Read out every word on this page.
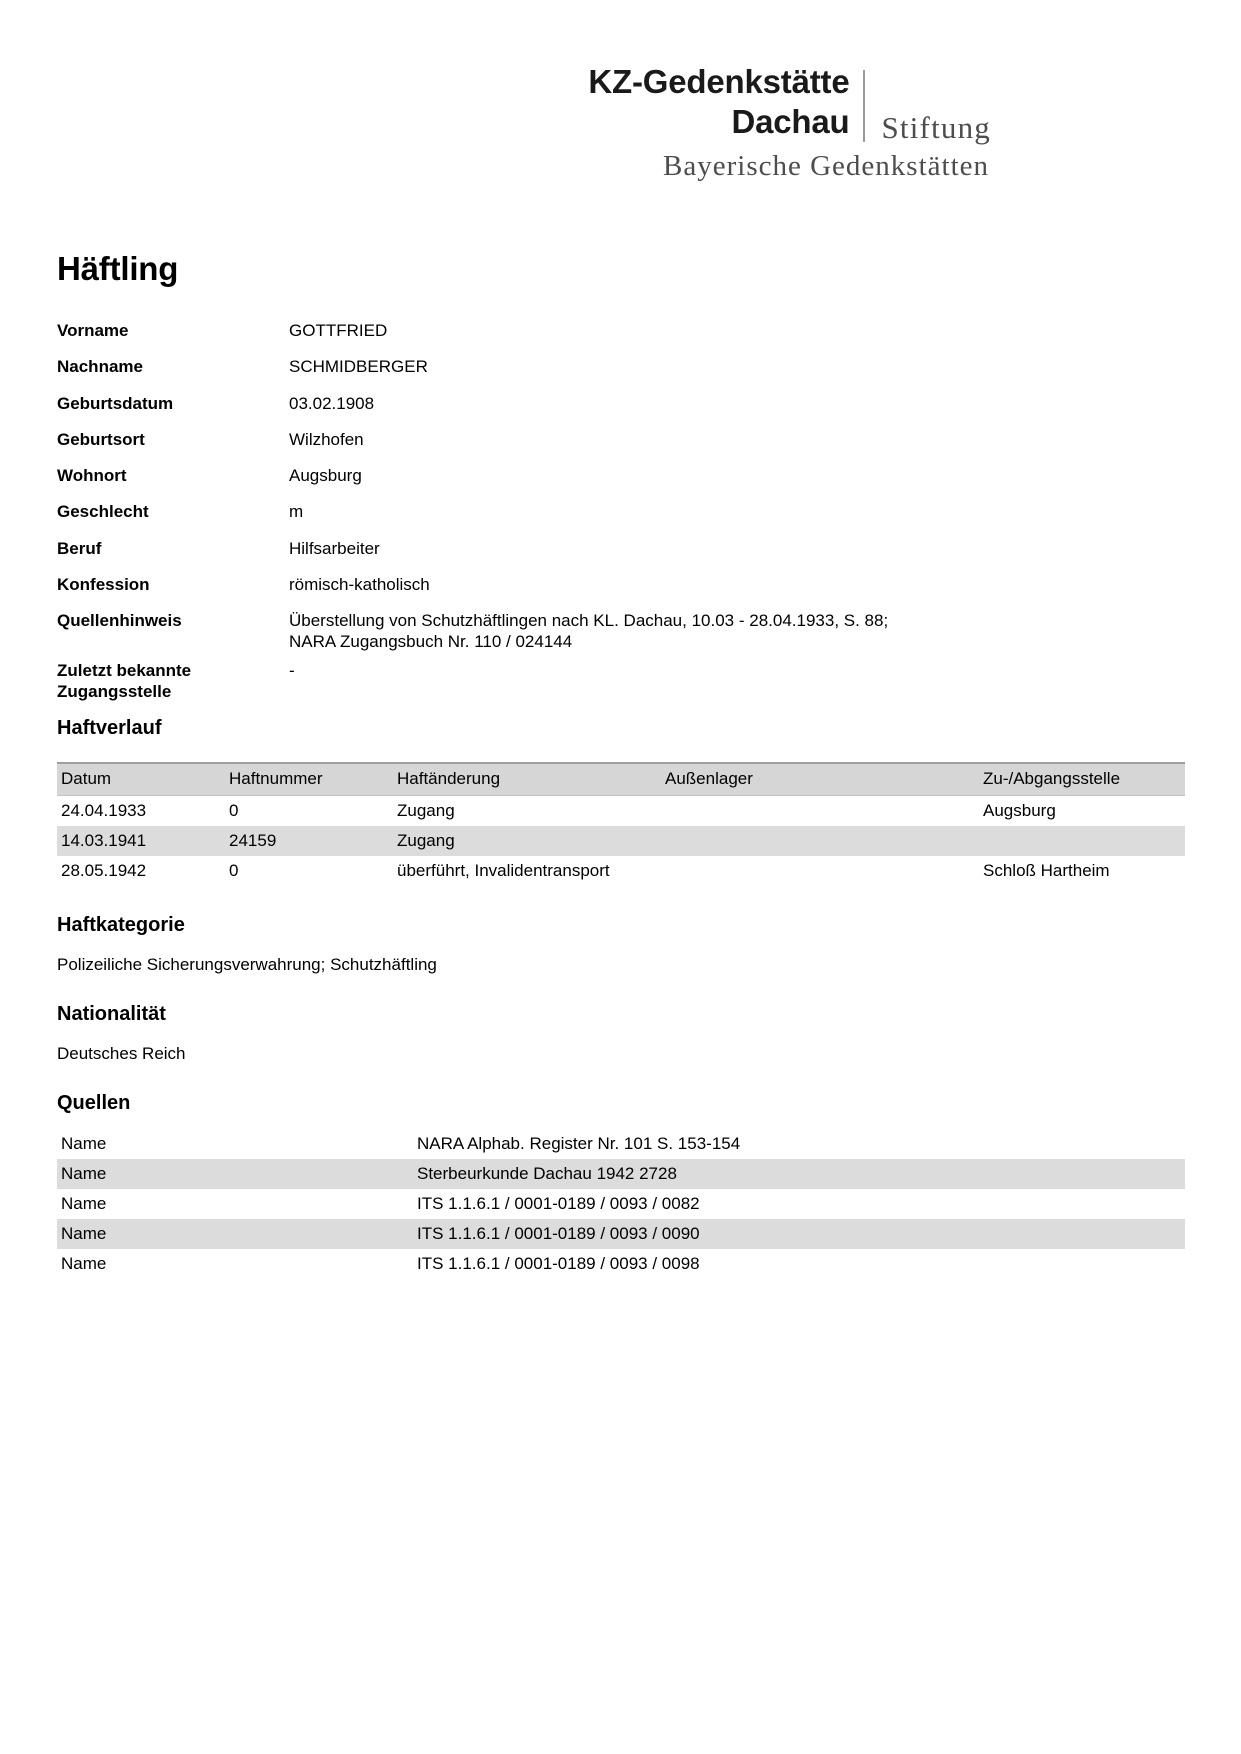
KZ-Gedenkstätte
Dachau	Stiftung
Bayerische Gedenkstätten
Häftling
Vorname	GOTTFRIED
Nachname	SCHMIDBERGER
Geburtsdatum	03.02.1908
Geburtsort	Wilzhofen
Wohnort	Augsburg
Geschlecht	m
Beruf	Hilfsarbeiter
Konfession	römisch-katholisch
Quellenhinweis	Überstellung von Schutzhäftlingen nach KL. Dachau, 10.03 - 28.04.1933, S. 88;
NARA Zugangsbuch Nr. 110 / 024144

Zuletzt bekannte
Zugangsstelle	-
Haftverlauf
Datum	Haftnummer	Haftänderung	Außenlager	Zu-/Abgangsstelle
24.04.1933	0	Zugang		Augsburg
14.03.1941	24159	Zugang		
28.05.1942	0	überführt, Invalidentransport		Schloß Hartheim
Haftkategorie

Polizeiliche Sicherungsverwahrung; Schutzhäftling

Nationalität

Deutsches Reich

Quellen
Name	NARA Alphab. Register Nr. 101 S. 153-154
Name	Sterbeurkunde Dachau 1942 2728
Name	ITS 1.1.6.1 / 0001-0189 / 0093 / 0082
Name	ITS 1.1.6.1 / 0001-0189 / 0093 / 0090
Name	ITS 1.1.6.1 / 0001-0189 / 0093 / 0098
